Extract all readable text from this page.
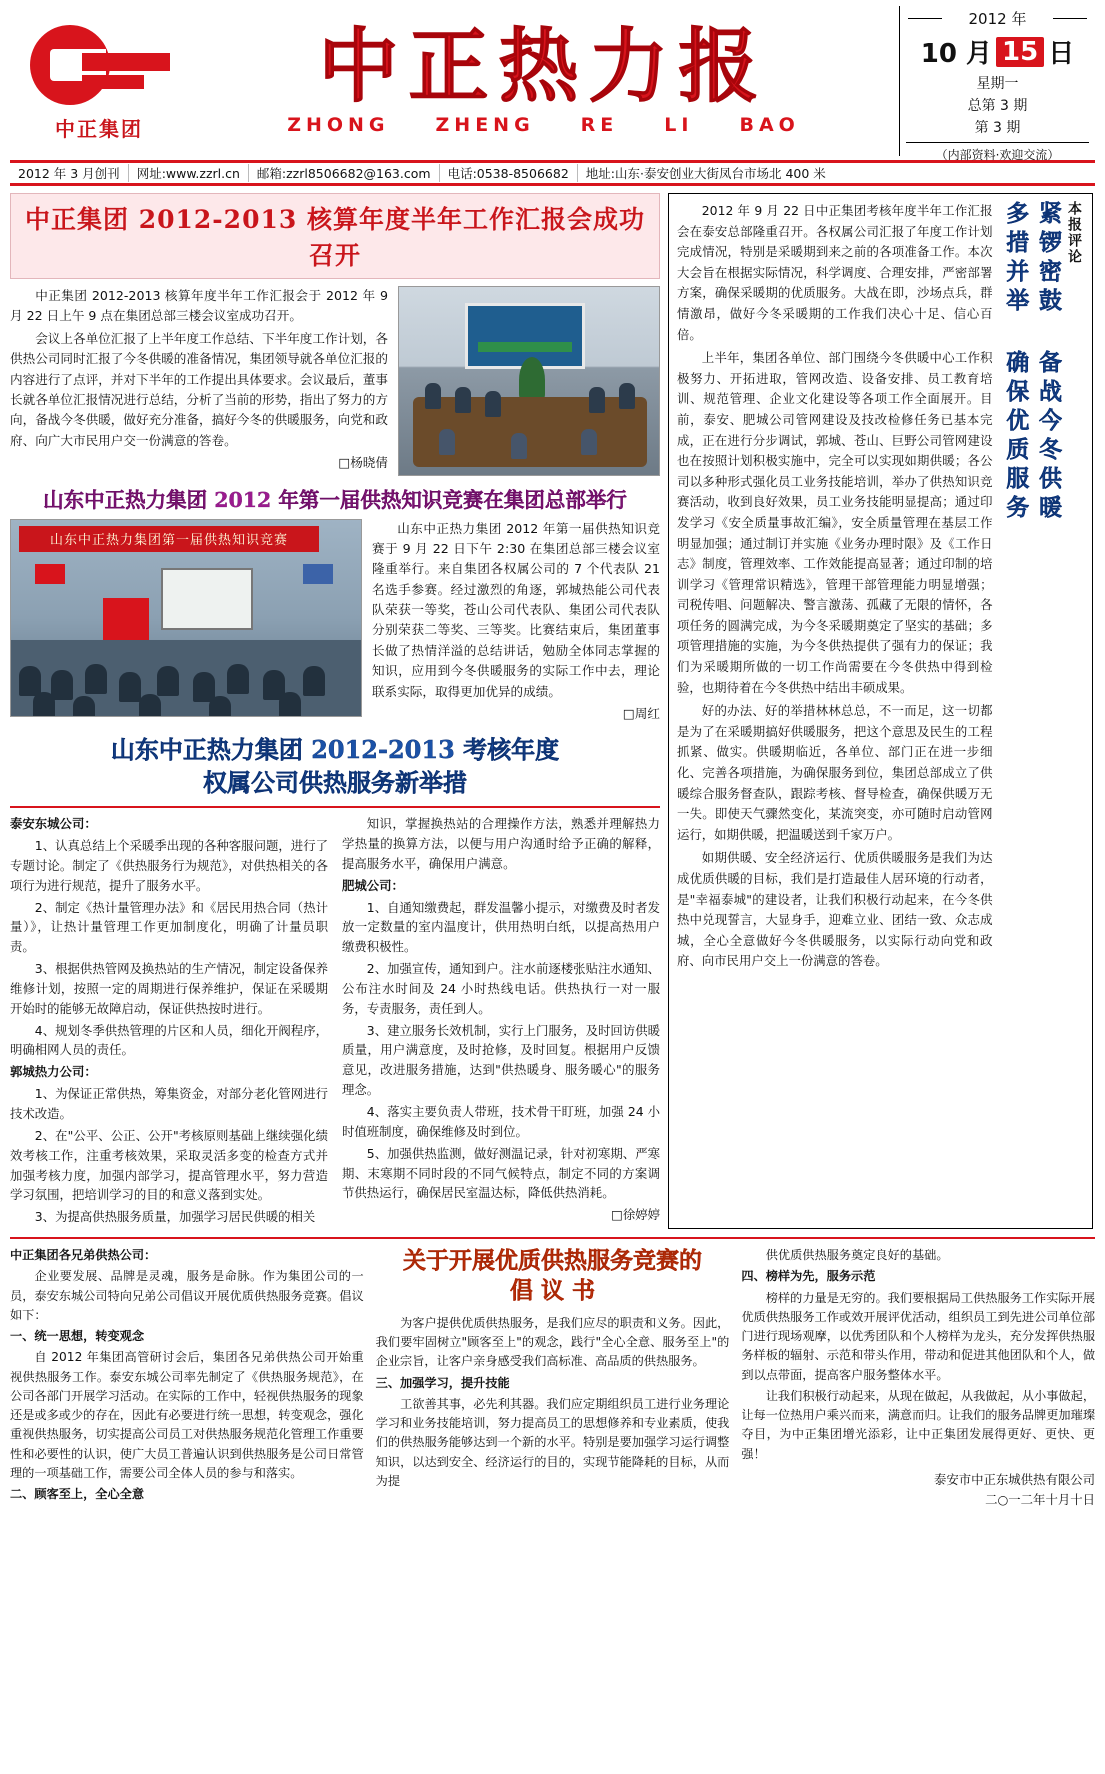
中正集团
中正热力报
ZHONG ZHENG RE LI BAO
2012 年
10 月 15 日
星期一
总第 3 期
第 3 期
（内部资料·欢迎交流）
2012 年 3 月创刊	网址:www.zzrl.cn	邮箱:zzrl8506682@163.com	电话:0538-8506682	地址:山东·泰安创业大街凤台市场北 400 米
中正集团 2012-2013 核算年度半年工作汇报会成功召开

中正集团 2012-2013 核算年度半年工作汇报会于 2012 年 9 月 22 日上午 9 点在集团总部三楼会议室成功召开。

会议上各单位汇报了上半年度工作总结、下半年度工作计划，各供热公司同时汇报了今冬供暖的准备情况，集团领导就各单位汇报的内容进行了点评，并对下半年的工作提出具体要求。会议最后，董事长就各单位汇报情况进行总结，分析了当前的形势，指出了努力的方向，备战今冬供暖，做好充分准备，搞好今冬的供暖服务，向党和政府、向广大市民用户交一份满意的答卷。

□杨晓倩
山东中正热力集团 2012 年第一届供热知识竞赛在集团总部举行
山东中正热力集团第一届供热知识竞赛

山东中正热力集团 2012 年第一届供热知识竞赛于 9 月 22 日下午 2:30 在集团总部三楼会议室隆重举行。来自集团各权属公司的 7 个代表队 21 名选手参赛。经过激烈的角逐，郭城热能公司代表队荣获一等奖，苍山公司代表队、集团公司代表队分别荣获二等奖、三等奖。比赛结束后，集团董事长做了热情洋溢的总结讲话，勉励全体同志掌握的知识，应用到今冬供暖服务的实际工作中去，理论联系实际，取得更加优异的成绩。

□周红
山东中正热力集团 2012-2013 考核年度
权属公司供热服务新举措

泰安东城公司：

1、认真总结上个采暖季出现的各种客服问题，进行了专题讨论。制定了《供热服务行为规范》，对供热相关的各项行为进行规范，提升了服务水平。

2、制定《热计量管理办法》和《居民用热合同（热计量）》，让热计量管理工作更加制度化，明确了计量员职责。

3、根据供热管网及换热站的生产情况，制定设备保养维修计划，按照一定的周期进行保养维护，保证在采暖期开始时的能够无故障启动，保证供热按时进行。

4、规划冬季供热管理的片区和人员，细化开阀程序，明确相网人员的责任。

郭城热力公司：

1、为保证正常供热，筹集资金，对部分老化管网进行技术改造。

2、在"公平、公正、公开"考核原则基础上继续强化绩效考核工作，注重考核效果，采取灵活多变的检查方式并加强考核力度，加强内部学习，提高管理水平，努力营造学习氛围，把培训学习的目的和意义落到实处。

3、为提高供热服务质量，加强学习居民供暖的相关

知识，掌握换热站的合理操作方法，熟悉并理解热力学热量的换算方法，以便与用户沟通时给予正确的解释，提高服务水平，确保用户满意。

肥城公司：

1、自通知缴费起，群发温馨小提示，对缴费及时者发放一定数量的室内温度计，供用热明白纸，以提高热用户缴费积极性。

2、加强宣传，通知到户。注水前逐楼张贴注水通知、公布注水时间及 24 小时热线电话。供热执行一对一服务，专责服务，责任到人。

3、建立服务长效机制，实行上门服务，及时回访供暖质量，用户满意度，及时抢修，及时回复。根据用户反馈意见，改进服务措施，达到"供热暖身、服务暖心"的服务理念。

4、落实主要负责人带班，技术骨干盯班，加强 24 小时值班制度，确保维修及时到位。

5、加强供热监测，做好测温记录，针对初寒期、严寒期、末寒期不同时段的不同气候特点，制定不同的方案调节供热运行，确保居民室温达标，降低供热消耗。

□徐婷婷

2012 年 9 月 22 日中正集团考核年度半年工作汇报会在泰安总部隆重召开。各权属公司汇报了年度工作计划完成情况，特别是采暖期到来之前的各项准备工作。本次大会旨在根据实际情况，科学调度、合理安排，严密部署方案，确保采暖期的优质服务。大战在即，沙场点兵，群情激昂，做好今冬采暖期的工作我们决心十足、信心百倍。

上半年，集团各单位、部门围绕今冬供暖中心工作积极努力、开拓进取，管网改造、设备安排、员工教育培训、规范管理、企业文化建设等各项工作全面展开。目前，泰安、肥城公司管网建设及技改检修任务已基本完成，正在进行分步调试，郭城、苍山、巨野公司管网建设也在按照计划积极实施中，完全可以实现如期供暖；各公司以多种形式强化员工业务技能培训，举办了供热知识竞赛活动，收到良好效果，员工业务技能明显提高；通过印发学习《安全质量事故汇编》，安全质量管理在基层工作明显加强；通过制订并实施《业务办理时限》及《工作日志》制度，管理效率、工作效能提高显著；通过印制的培训学习《管理常识精选》，管理干部管理能力明显增强；司税传唱、问题解决、警言激荡、孤藏了无限的情怀，各项任务的圆满完成，为今冬采暖期奠定了坚实的基础；多项管理措施的实施，为今冬供热提供了强有力的保证；我们为采暖期所做的一切工作尚需要在今冬供热中得到检验，也期待着在今冬供热中结出丰硕成果。

好的办法、好的举措林林总总，不一而足，这一切都是为了在采暖期搞好供暖服务，把这个意思及民生的工程抓紧、做实。供暖期临近，各单位、部门正在进一步细化、完善各项措施，为确保服务到位，集团总部成立了供暖综合服务督查队，跟踪考核、督导检查，确保供暖万无一失。即使天气骤然变化，某流突变，亦可随时启动管网运行，如期供暖，把温暖送到千家万户。

如期供暖、安全经济运行、优质供暖服务是我们为达成优质供暖的目标，我们是打造最佳人居环境的行动者，是"幸福泰城"的建设者，让我们积极行动起来，在今冬供热中兑现誓言，大显身手，迎难立业、团结一致、众志成城，全心全意做好今冬供暖服务，以实际行动向党和政府、向市民用户交上一份满意的答卷。

本报评论
紧锣密鼓 备战今冬供暖
多措并举 确保优质服务

中正集团各兄弟供热公司：

企业要发展、品牌是灵魂，服务是命脉。作为集团公司的一员，泰安东城公司特向兄弟公司倡议开展优质供热服务竞赛。倡议如下：

一、统一思想，转变观念

自 2012 年集团高管研讨会后，集团各兄弟供热公司开始重视供热服务工作。泰安东城公司率先制定了《供热服务规范》，在公司各部门开展学习活动。在实际的工作中，轻视供热服务的现象还是或多或少的存在，因此有必要进行统一思想，转变观念，强化重视供热服务，切实提高公司员工对供热服务规范化管理工作重要性和必要性的认识，使广大员工普遍认识到供热服务是公司日常管理的一项基础工作，需要公司全体人员的参与和落实。

二、顾客至上，全心全意

关于开展优质供热服务竞赛的
倡 议 书

为客户提供优质供热服务，是我们应尽的职责和义务。因此，我们要牢固树立"顾客至上"的观念，践行"全心全意、服务至上"的企业宗旨，让客户亲身感受我们高标准、高品质的供热服务。

三、加强学习，提升技能

工欲善其事，必先利其器。我们应定期组织员工进行业务理论学习和业务技能培训，努力提高员工的思想修养和专业素质，使我们的供热服务能够达到一个新的水平。特别是要加强学习运行调整知识，以达到安全、经济运行的目的，实现节能降耗的目标，从而为提

供优质供热服务奠定良好的基础。

四、榜样为先，服务示范

榜样的力量是无穷的。我们要根据局工供热服务工作实际开展优质供热服务工作或效开展评优活动，组织员工到先进公司单位部门进行现场观摩，以优秀团队和个人榜样为龙头，充分发挥供热服务样板的辐射、示范和带头作用，带动和促进其他团队和个人，做到以点带面，提高客户服务整体水平。

让我们积极行动起来，从现在做起，从我做起，从小事做起，让每一位热用户乘兴而来，满意而归。让我们的服务品牌更加璀璨夺目，为中正集团增光添彩，让中正集团发展得更好、更快、更强！

泰安市中正东城供热有限公司
二○一二年十月十日
